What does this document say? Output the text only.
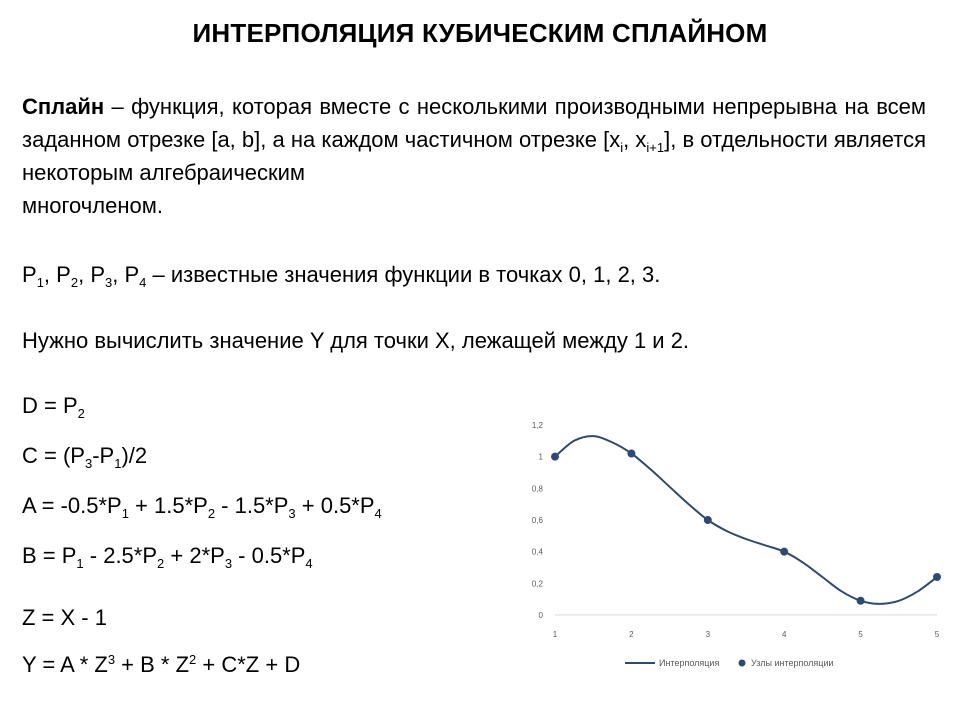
ИНТЕРПОЛЯЦИЯ КУБИЧЕСКИМ СПЛАЙНОМ
Сплайн – функция, которая вместе с несколькими производными непрерывна на всем заданном отрезке [a, b], а на каждом частичном отрезке [$x_i$, $x_{i+1}$], в отдельности является некоторым алгебраическим
многочленом.
$P_1$, $P_2$, $P_3$, $P_4$ – известные значения функции в точках 0, 1, 2, 3.
Нужно вычислить значение Y для точки X, лежащей между 1 и 2.
$D = P_2$
$C = (P_3-P_1)/2$
$A = -0.5*P_1 + 1.5*P_2 - 1.5*P_3 + 0.5*P_4$
$B = P_1 - 2.5*P_2 + 2*P_3 - 0.5*P_4$
Z = X - 1
$Y = A * Z^3 + B * Z^2 + C*Z + D$
0
0,2
0,4
0,6
0,8
1
1,2
1	2	3	4	5	5
Интерполяция	Узлы интерполяции
